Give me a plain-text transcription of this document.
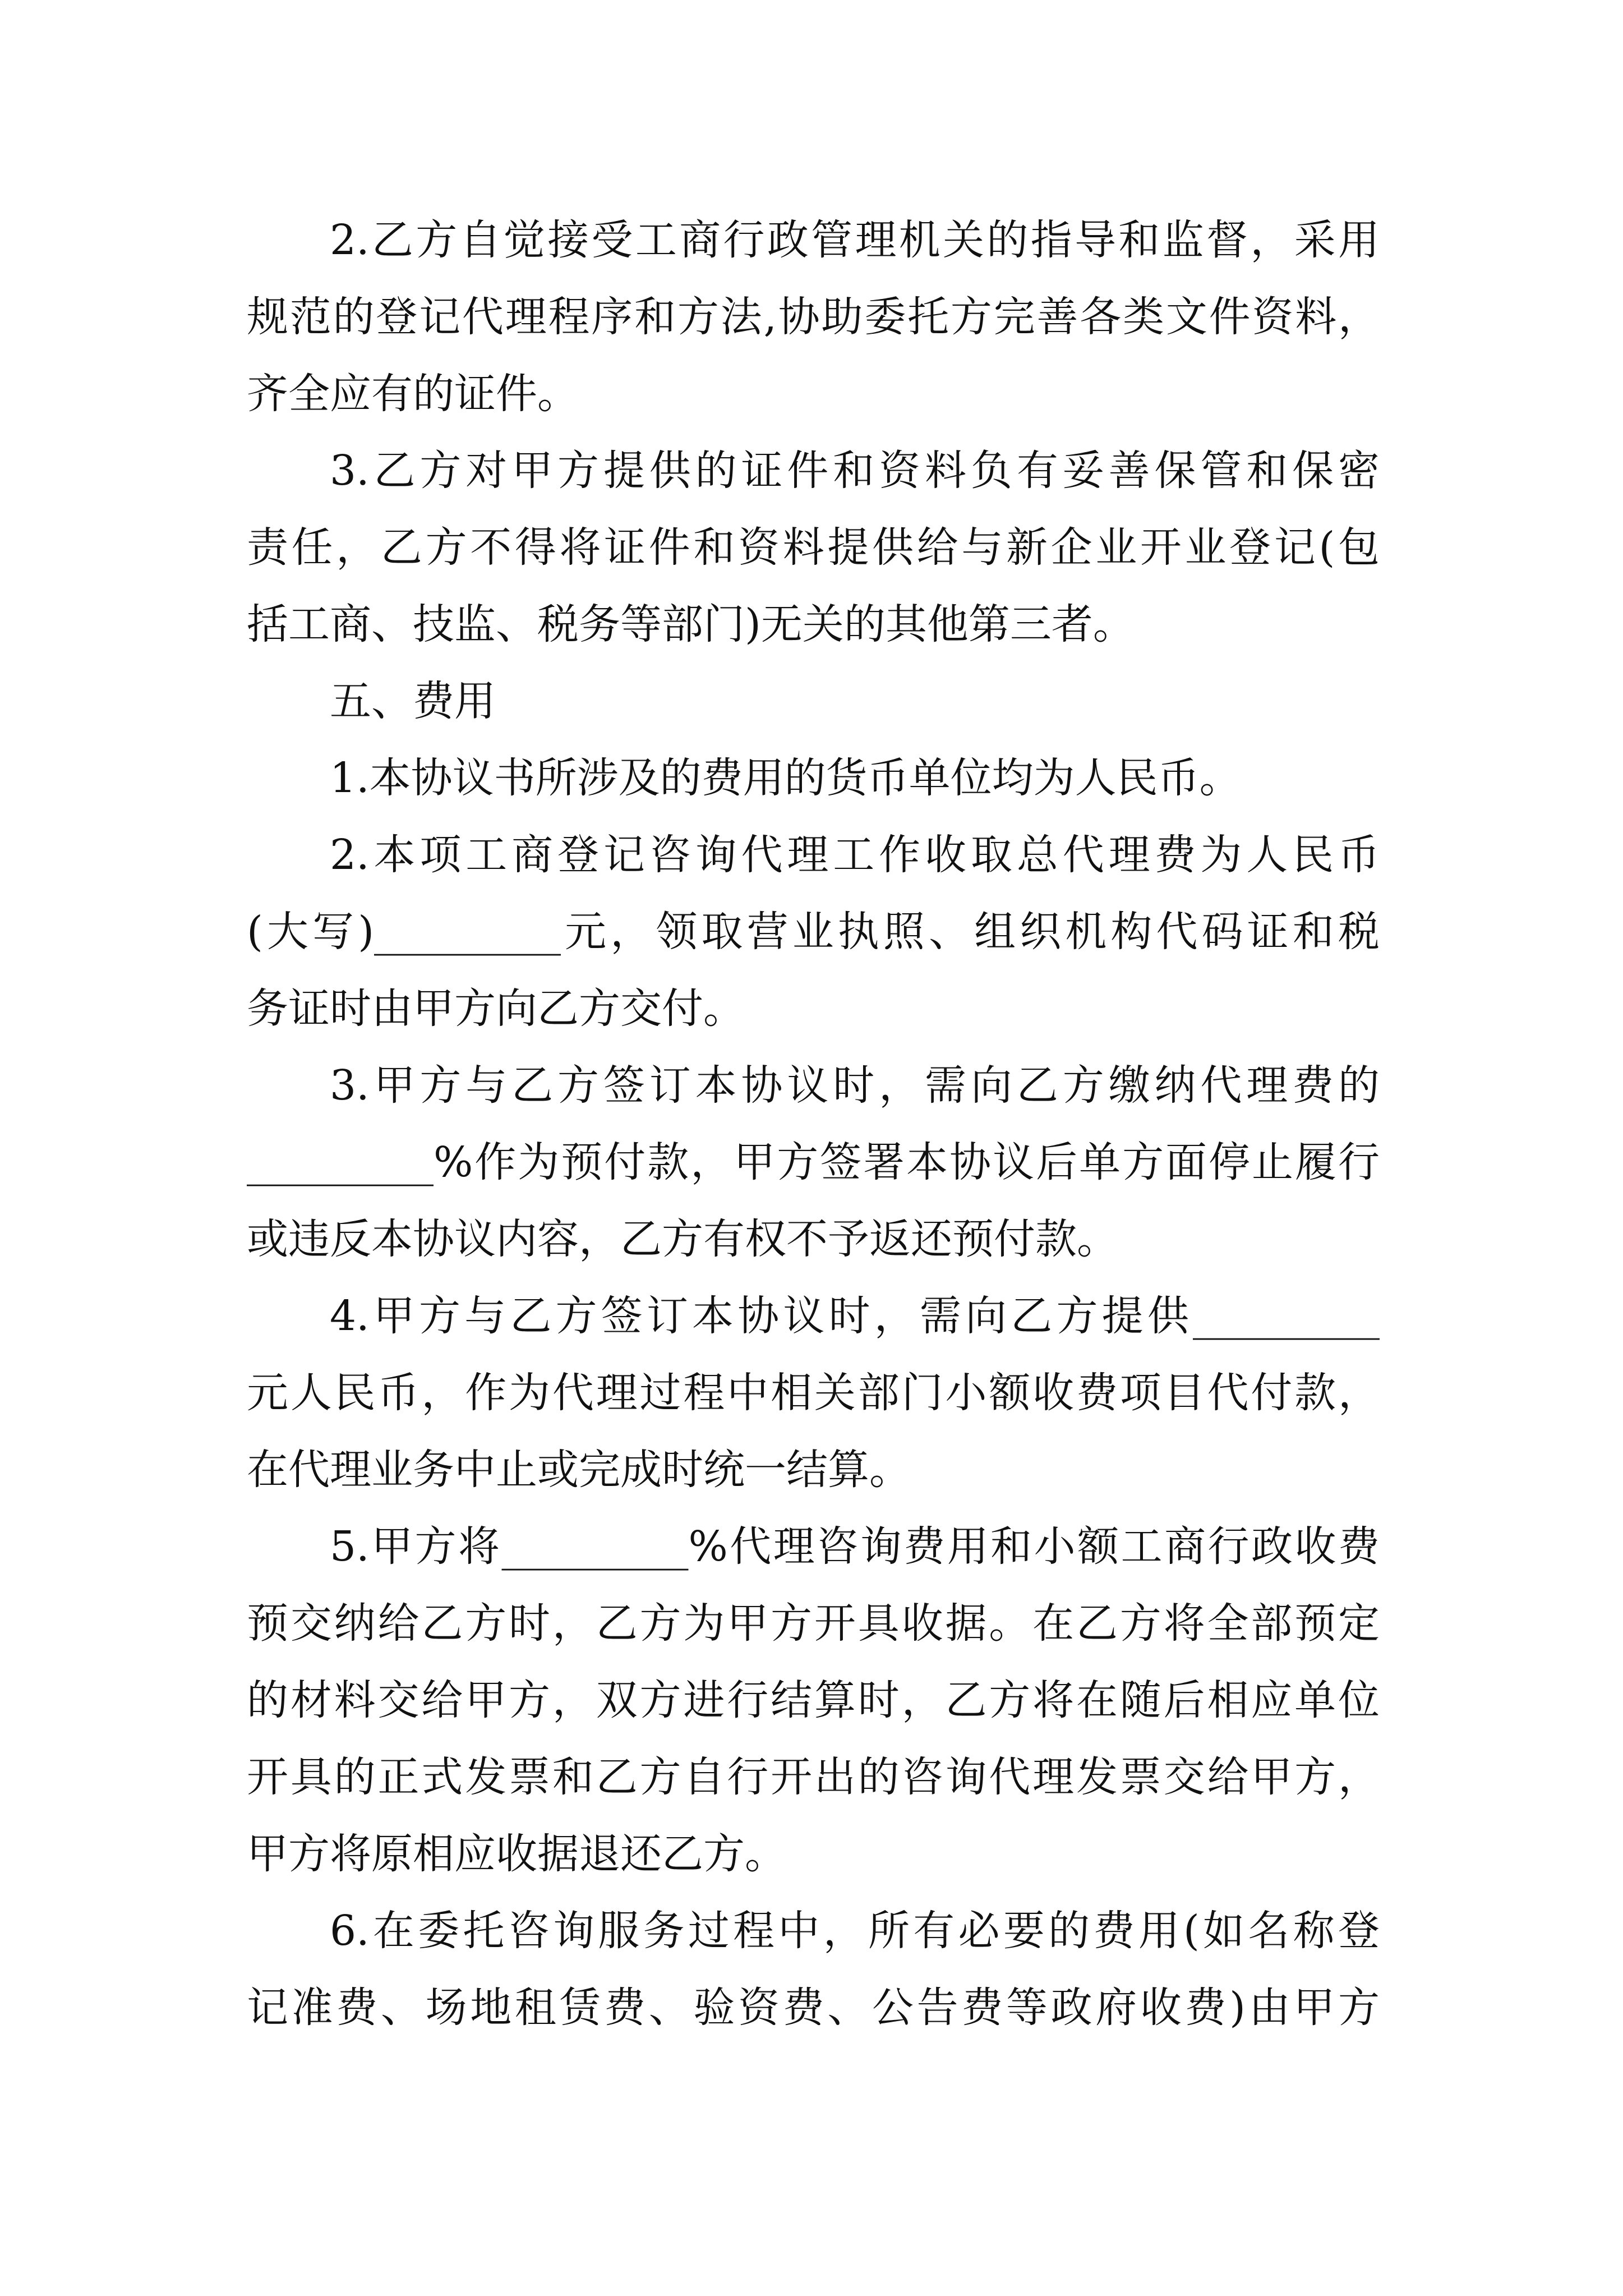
2.乙方自觉接受工商行政管理机关的指导和监督，采用
规范的登记代理程序和方法,协助委托方完善各类文件资料，
齐全应有的证件。
3.乙方对甲方提供的证件和资料负有妥善保管和保密
责任，乙方不得将证件和资料提供给与新企业开业登记(包
括工商、技监、税务等部门)无关的其他第三者。
五、费用
1.本协议书所涉及的费用的货币单位均为人民币。
2.本项工商登记咨询代理工作收取总代理费为人民币
(大写)_________元，领取营业执照、组织机构代码证和税
务证时由甲方向乙方交付。
3.甲方与乙方签订本协议时，需向乙方缴纳代理费的
_________%作为预付款，甲方签署本协议后单方面停止履行
或违反本协议内容，乙方有权不予返还预付款。
4.甲方与乙方签订本协议时，需向乙方提供_________
元人民币，作为代理过程中相关部门小额收费项目代付款，
在代理业务中止或完成时统一结算。
5.甲方将_________%代理咨询费用和小额工商行政收费
预交纳给乙方时，乙方为甲方开具收据。在乙方将全部预定
的材料交给甲方，双方进行结算时，乙方将在随后相应单位
开具的正式发票和乙方自行开出的咨询代理发票交给甲方，
甲方将原相应收据退还乙方。
6.在委托咨询服务过程中，所有必要的费用(如名称登
记准费、场地租赁费、验资费、公告费等政府收费)由甲方
